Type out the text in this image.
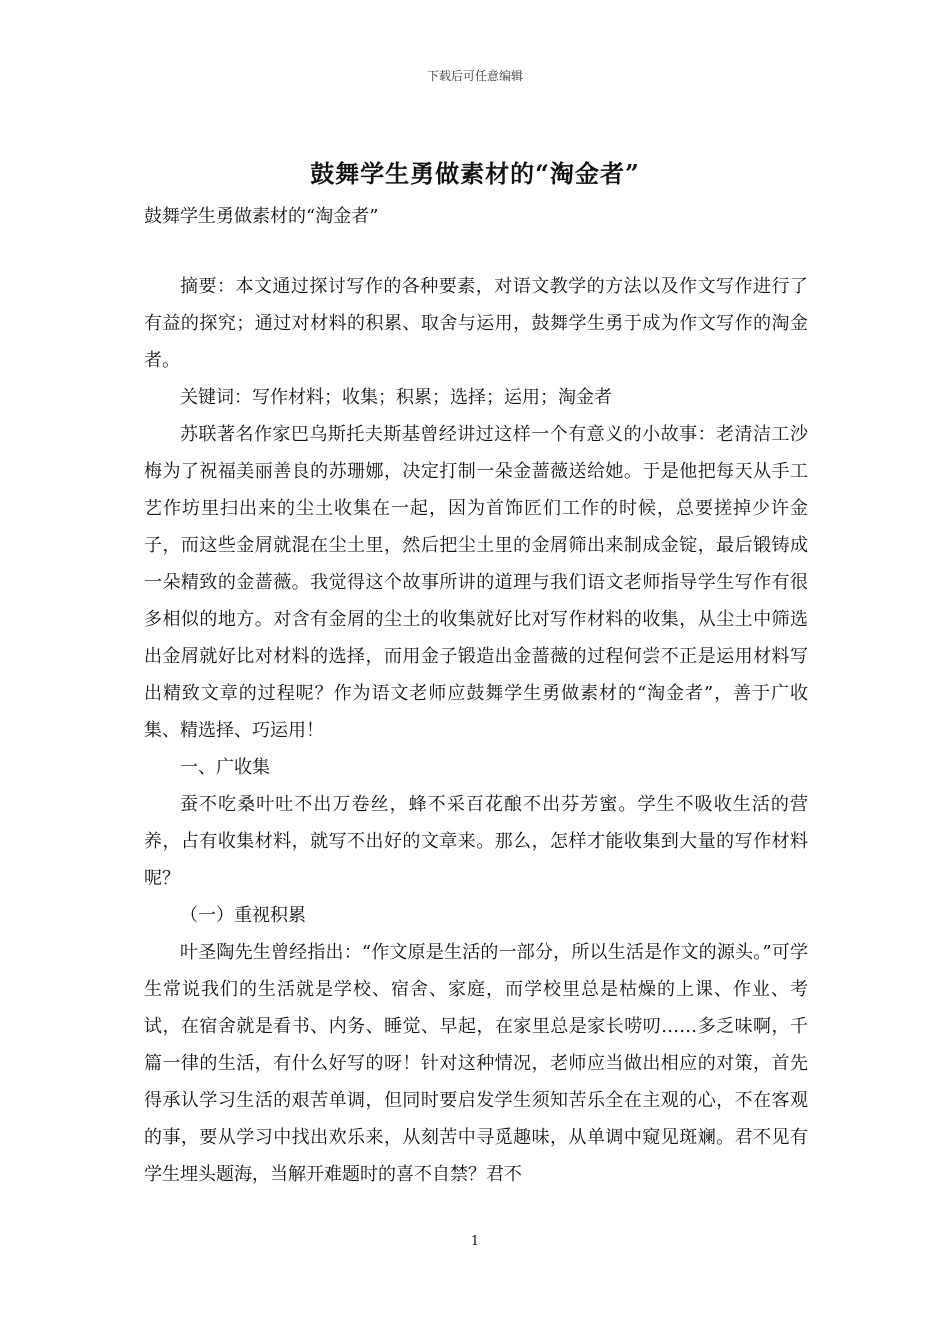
下载后可任意编辑
鼓舞学生勇做素材的“淘金者”
鼓舞学生勇做素材的“淘金者”

摘要：本文通过探讨写作的各种要素，对语文教学的方法以及作文写作进行了有益的探究；通过对材料的积累、取舍与运用，鼓舞学生勇于成为作文写作的淘金者。

关键词：写作材料；收集；积累；选择；运用；淘金者

苏联著名作家巴乌斯托夫斯基曾经讲过这样一个有意义的小故事：老清洁工沙梅为了祝福美丽善良的苏珊娜，决定打制一朵金蔷薇送给她。于是他把每天从手工艺作坊里扫出来的尘土收集在一起，因为首饰匠们工作的时候，总要搓掉少许金子，而这些金屑就混在尘土里，然后把尘土里的金屑筛出来制成金锭，最后锻铸成一朵精致的金蔷薇。我觉得这个故事所讲的道理与我们语文老师指导学生写作有很多相似的地方。对含有金屑的尘土的收集就好比对写作材料的收集，从尘土中筛选出金屑就好比对材料的选择，而用金子锻造出金蔷薇的过程何尝不正是运用材料写出精致文章的过程呢？作为语文老师应鼓舞学生勇做素材的“淘金者”，善于广收集、精选择、巧运用！

一、广收集

蚕不吃桑叶吐不出万卷丝，蜂不采百花酿不出芬芳蜜。学生不吸收生活的营养，占有收集材料，就写不出好的文章来。那么，怎样才能收集到大量的写作材料呢？

（一）重视积累

叶圣陶先生曾经指出：“作文原是生活的一部分，所以生活是作文的源头。”可学生常说我们的生活就是学校、宿舍、家庭，而学校里总是枯燥的上课、作业、考试，在宿舍就是看书、内务、睡觉、早起，在家里总是家长唠叨……多乏味啊，千篇一律的生活，有什么好写的呀！针对这种情况，老师应当做出相应的对策，首先得承认学习生活的艰苦单调，但同时要启发学生须知苦乐全在主观的心，不在客观的事，要从学习中找出欢乐来，从刻苦中寻觅趣味，从单调中窥见斑斓。君不见有学生埋头题海，当解开难题时的喜不自禁？君不

1
